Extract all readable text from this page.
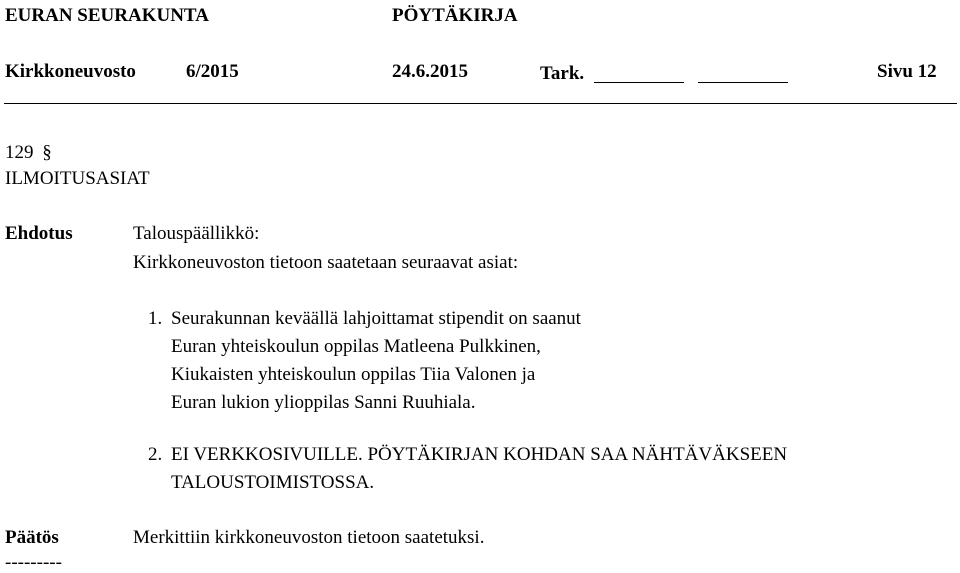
EURAN SEURAKUNTA	PÖYTÄKIRJA
Kirkkoneuvosto	6/2015	24.6.2015	Tark.	Sivu 12
129 §
ILMOITUSASIAT
Ehdotus	Talouspäällikkö:
Kirkkoneuvoston tietoon saatetaan seuraavat asiat:
1. Seurakunnan keväällä lahjoittamat stipendit on saanut
Euran yhteiskoulun oppilas Matleena Pulkkinen,
Kiukaisten yhteiskoulun oppilas Tiia Valonen ja
Euran lukion ylioppilas Sanni Ruuhiala.
2. EI VERKKOSIVUILLE. PÖYTÄKIRJAN KOHDAN SAA NÄHTÄVÄKSEEN
TALOUSTOIMISTOSSA.
Päätös	Merkittiin kirkkoneuvoston tietoon saatetuksi.
---------
